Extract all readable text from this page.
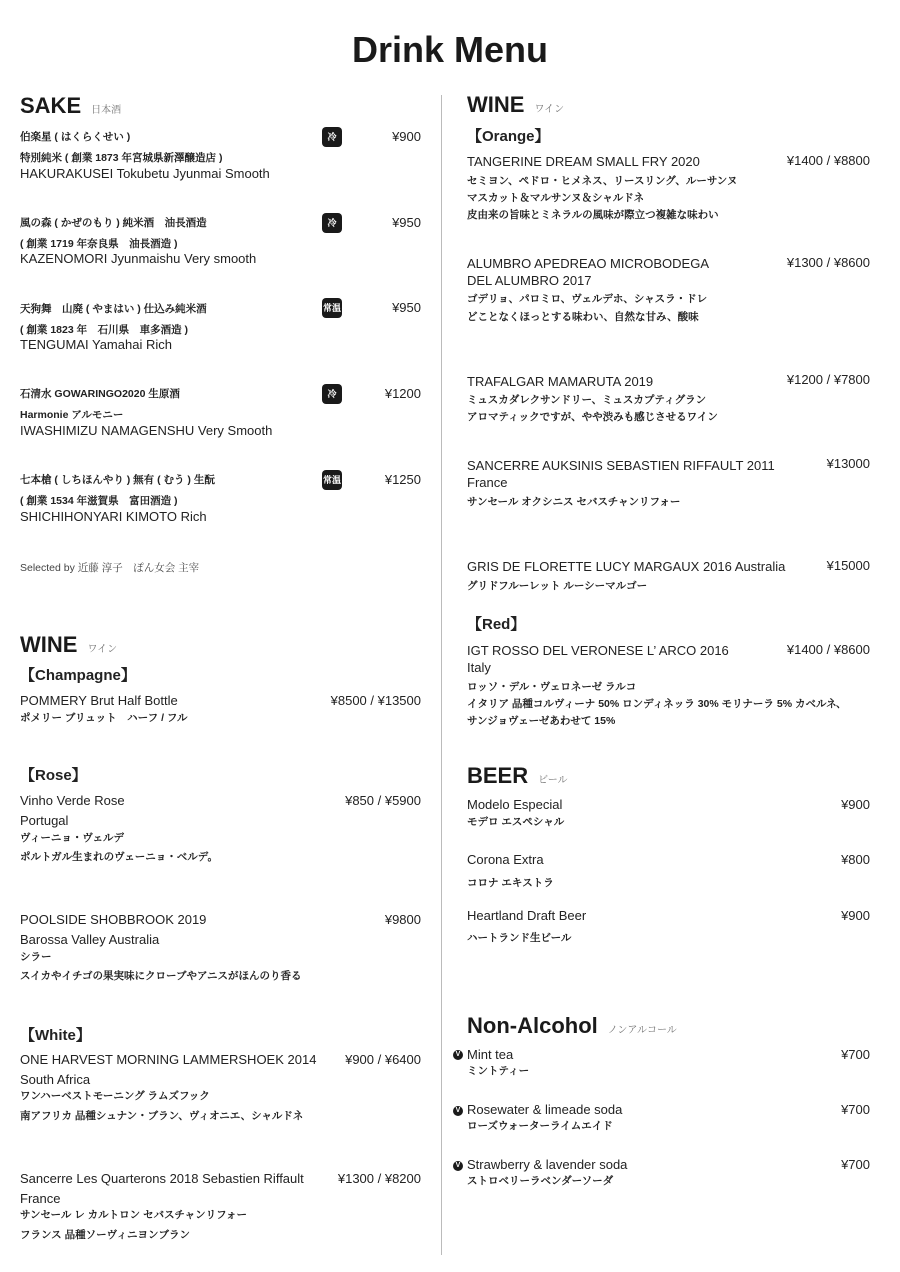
Drink Menu
SAKE 日本酒
伯楽星 ( はくらくせい )	冷	¥900
特別純米 ( 創業 1873 年宮城県新澤醸造店 )
HAKURAKUSEI Tokubetu Jyunmai Smooth
風の森 ( かぜのもり ) 純米酒　油長酒造	冷	¥950
( 創業 1719 年奈良県　油長酒造 )
KAZENOMORI Jyunmaishu Very smooth
天狗舞　山廃 ( やまはい ) 仕込み純米酒	常温	¥950
( 創業 1823 年　石川県　車多酒造 )
TENGUMAI Yamahai Rich
石清水 GOWARINGO2020 生原酒	冷	¥1200
Harmonie アルモニー
IWASHIMIZU NAMAGENSHU Very Smooth
七本槍 ( しちほんやり ) 無有 ( むう ) 生酛	常温	¥1250
( 創業 1534 年滋賀県　富田酒造 )
SHICHIHONYARI KIMOTO Rich
Selected by 近藤 淳子　ぽん女会 主宰
WINE ワイン
【Champagne】
POMMERY Brut Half Bottle	¥8500 / ¥13500
ポメリー ブリュット　ハーフ / フル
【Rose】
Vinho Verde Rose	¥850 / ¥5900
Portugal
ヴィーニョ・ヴェルデ
ポルトガル生まれのヴェーニョ・ベルデ。
POOLSIDE SHOBBROOK 2019	¥9800
Barossa Valley Australia
シラー
スイカやイチゴの果実味にクローブやアニスがほんのり香る
【White】
ONE HARVEST MORNING LAMMERSHOEK 2014 ¥900 / ¥6400
South Africa
ワンハーベストモーニング ラムズフック
南アフリカ 品種シュナン・ブラン、ヴィオニエ、シャルドネ
Sancerre Les Quarterons 2018 Sebastien Riffault	¥1300 / ¥8200
France
サンセール レ カルトロン セバスチャンリフォー
フランス 品種ソーヴィニヨンブラン
WINE ワイン
【Orange】
TANGERINE DREAM SMALL FRY 2020	¥1400 / ¥8800
セミヨン、ペドロ・ヒメネス、リースリング、ルーサンヌ
マスカット＆マルサンヌ＆シャルドネ
皮由来の旨味とミネラルの風味が際立つ複雑な味わい
ALUMBRO APEDREAO MICROBODEGA	¥1300 / ¥8600
DEL ALUMBRO 2017
ゴデリョ、パロミロ、ヴェルデホ、シャスラ・ドレ
どことなくほっとする味わい、自然な甘み、酸味
TRAFALGAR MAMARUTA 2019	¥1200 / ¥7800
ミュスカダレクサンドリー、ミュスカプティグラン
アロマティックですが、やや渋みも感じさせるワイン
SANCERRE AUKSINIS SEBASTIEN RIFFAULT 2011	¥13000
France
サンセール オクシニス セバスチャンリフォー
GRIS DE FLORETTE LUCY MARGAUX 2016 Australia	¥15000
グリドフルーレット ルーシーマルゴー
【Red】
IGT ROSSO DEL VERONESE L’ ARCO 2016	¥1400 / ¥8600
Italy
ロッソ・デル・ヴェロネーゼ ラルコ
イタリア 品種コルヴィーナ 50% ロンディネッラ 30% モリナーラ 5% カベルネ、
サンジョヴェーゼあわせて 15%
BEER ビール
Modelo Especial	¥900
モデロ エスペシャル
Corona Extra	¥800
コロナ エキストラ
Heartland Draft Beer	¥900
ハートランド生ビール
Non-Alcohol ノンアルコール
V Mint tea	¥700
ミントティー
V Rosewater & limeade soda	¥700
ローズウォーターライムエイド
V Strawberry & lavender soda	¥700
ストロベリーラベンダーソーダ
